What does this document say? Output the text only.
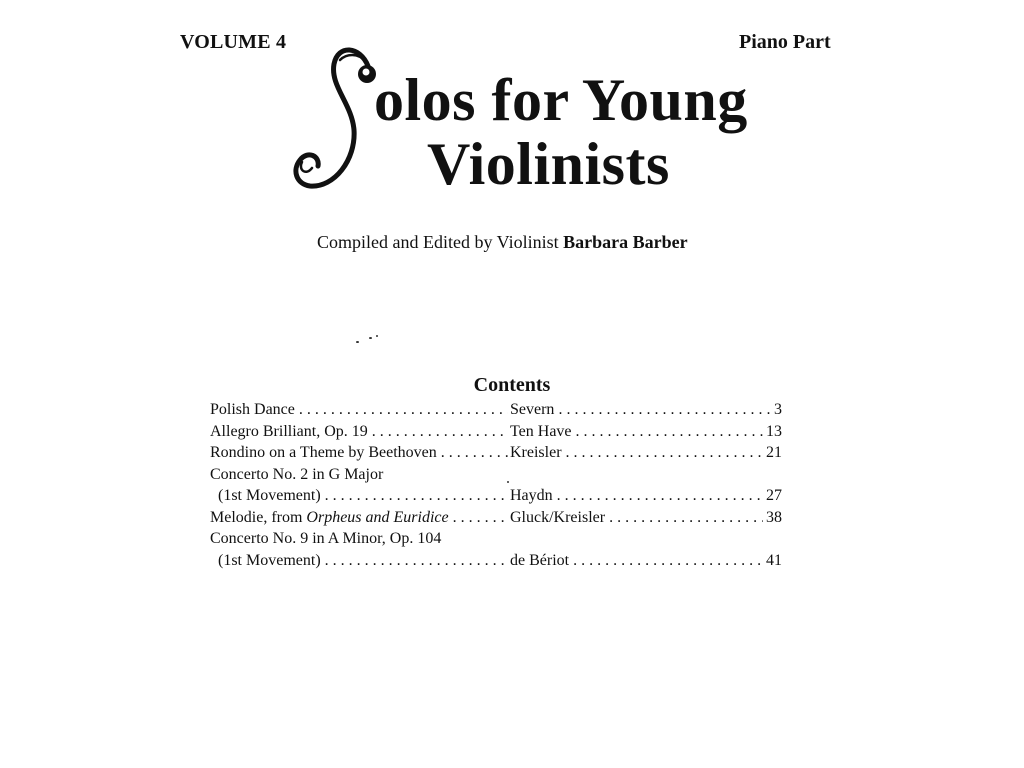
VOLUME 4	Piano Part
olos for Young
Violinists
Compiled and Edited by Violinist Barbara Barber
Contents
Polish Dance . . .	Severn	3
. . .
Allegro Brilliant, Op. 19 . . .	Ten Have	13
. . .
Rondino on a Theme by Beethoven . . .	Kreisler	21
. . .
Concerto No. 2 in G Major
(1st Movement) . . .	Haydn	27
. . .
Melodie, from Orpheus and Euridice . . .	Gluck/Kreisler	38
. . .
Concerto No. 9 in A Minor, Op. 104
(1st Movement) . . .	de Bériot	41
. . .
